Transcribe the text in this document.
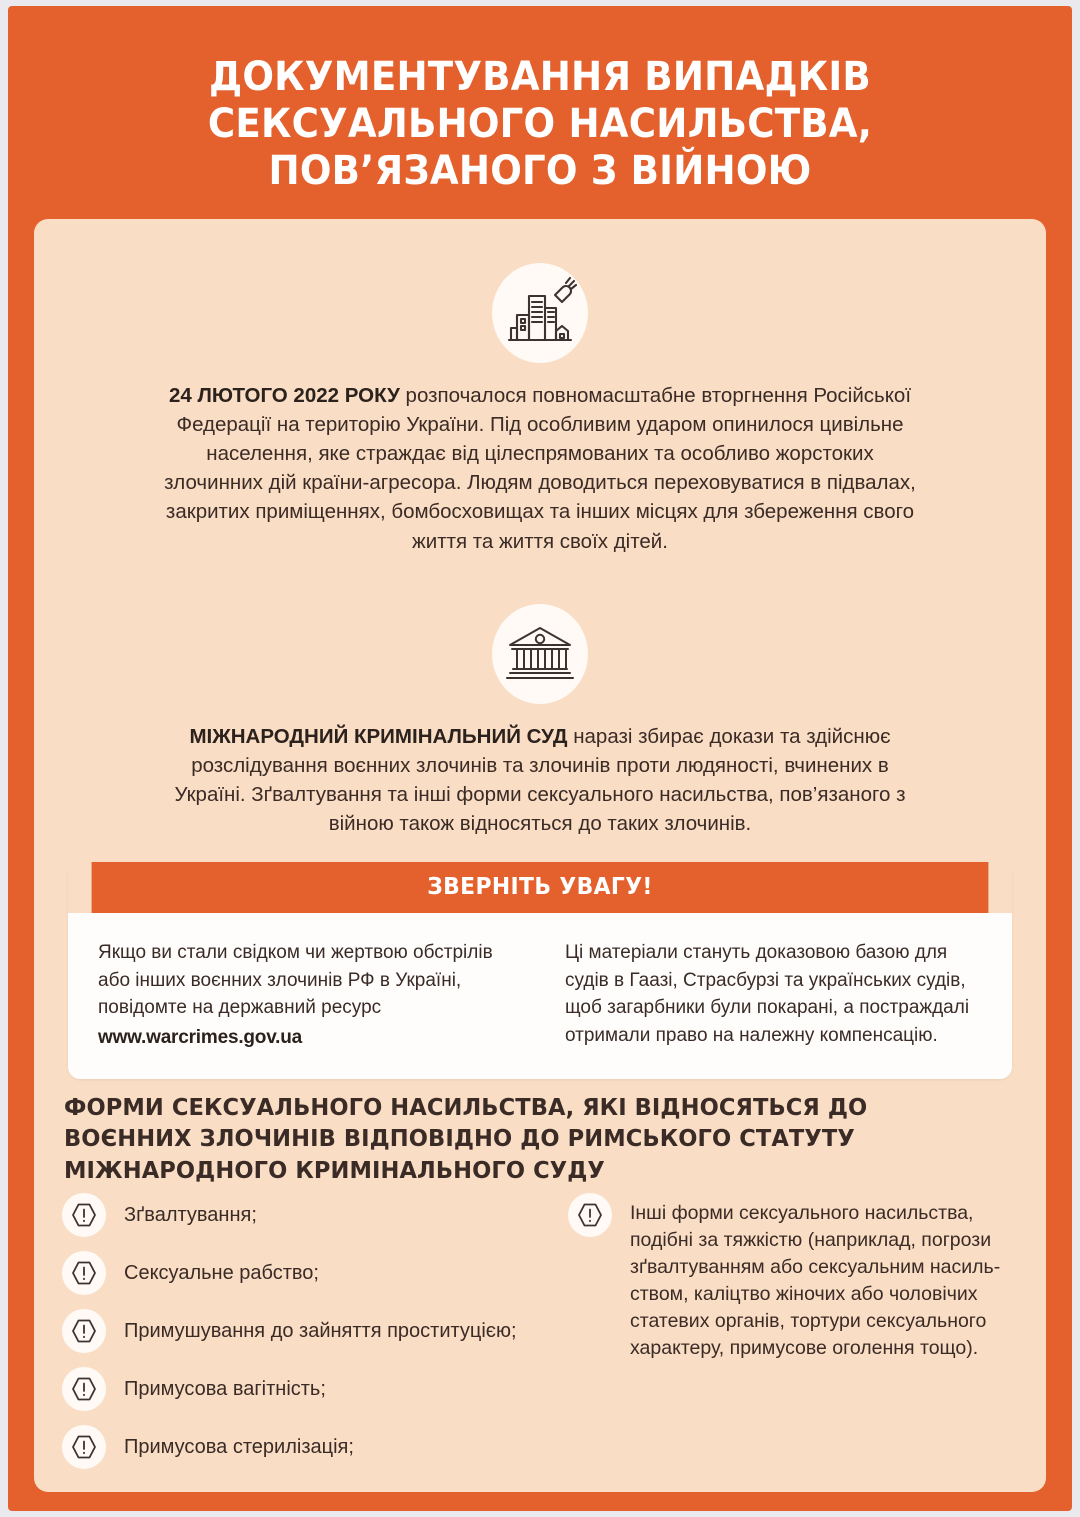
ДОКУМЕНТУВАННЯ ВИПАДКІВ СЕКСУАЛЬНОГО НАСИЛЬСТВА, ПОВ’ЯЗАНОГО З ВІЙНОЮ

24 ЛЮТОГО 2022 РОКУ розпочалося повномасштабне вторгнення Російської Федерації на територію України. Під особливим ударом опинилося цивільне населення, яке страждає від цілеспрямованих та особливо жорстоких злочинних дій країни-агресора. Людям доводиться переховуватися в підвалах, закритих приміщеннях, бомбосховищах та інших місцях для збереження свого життя та життя своїх дітей.

МІЖНАРОДНИЙ КРИМІНАЛЬНИЙ СУД наразі збирає докази та здійснює розслідування воєнних злочинів та злочинів проти людяності, вчинених в Україні. Зґвалтування та інші форми сексуального насильства, пов’язаного з війною також відносяться до таких злочинів.

ЗВЕРНІТЬ УВАГУ!
Якщо ви стали свідком чи жертвою обстрілів або інших воєнних злочинів РФ в Україні, повідомте на державний ресурс
www.warcrimes.gov.ua
Ці матеріали стануть доказовою базою для судів в Гаазі, Страсбурзі та українських судів, щоб загарбники були покарані, а постраждалі отримали право на належну компенсацію.
ФОРМИ СЕКСУАЛЬНОГО НАСИЛЬСТВА, ЯКІ ВІДНОСЯТЬСЯ ДО ВОЄННИХ ЗЛОЧИНІВ ВІДПОВІДНО ДО РИМСЬКОГО СТАТУТУ МІЖНАРОДНОГО КРИМІНАЛЬНОГО СУДУ
Зґвалтування;
Сексуальне рабство;
Примушування до зайняття проституцією;
Примусова вагітність;
Примусова стерилізація;
Інші форми сексуального насильства, подібні за тяжкістю (наприклад, погрози зґвалтуванням або сексуальним насиль-ством, каліцтво жіночих або чоловічих статевих органів, тортури сексуального характеру, примусове оголення тощо).
